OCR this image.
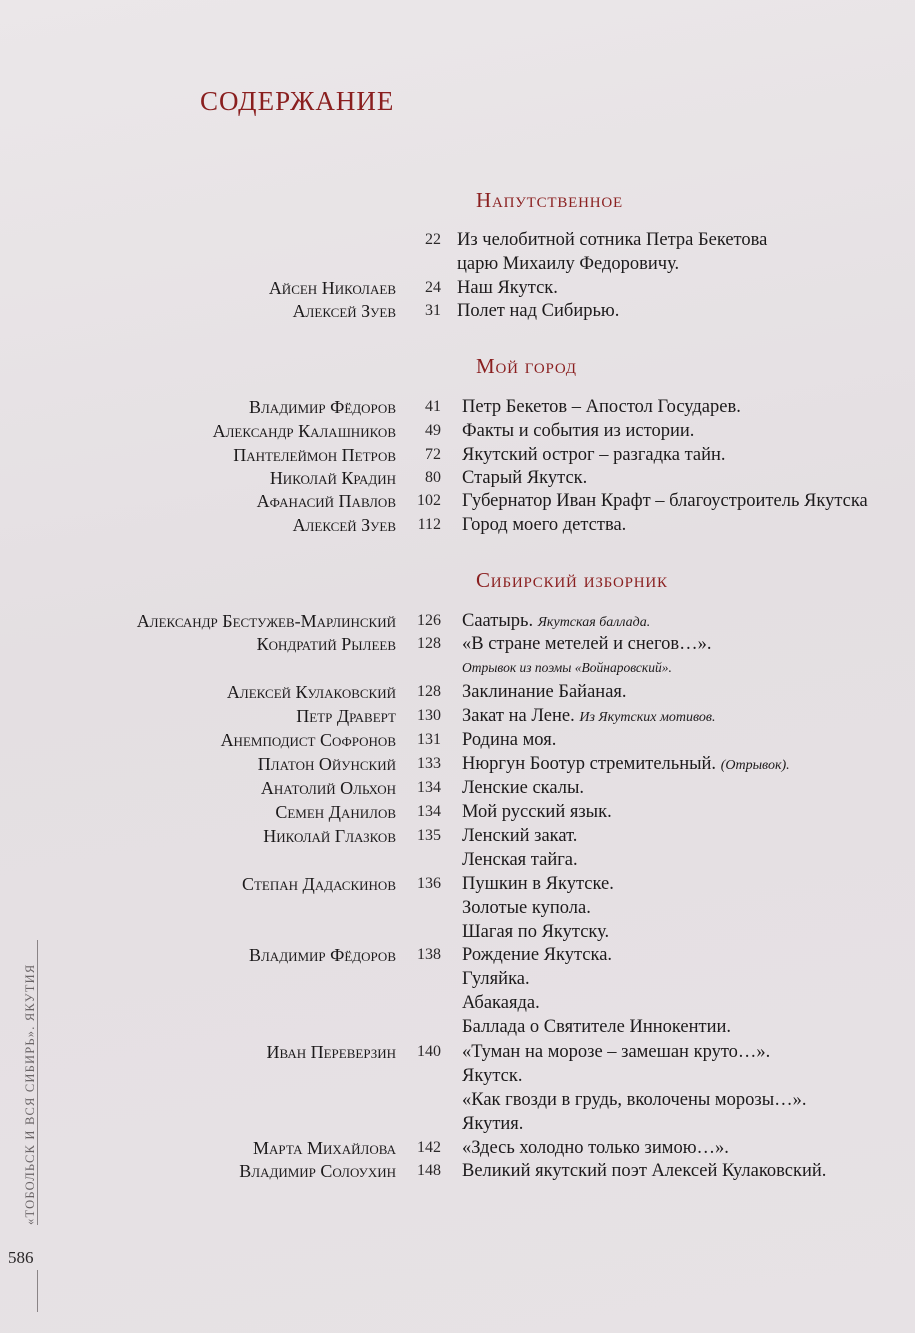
СОДЕРЖАНИЕ
Напутственное
22 Из челобитной сотника Петра Бекетова
царю Михаилу Федоровичу.
Айсен Николаев 24 Наш Якутск.
Алексей Зуев 31 Полет над Сибирью.
Мой город
Владимир Фёдоров 41 Петр Бекетов – Апостол Государев.
Александр Калашников 49 Факты и события из истории.
Пантелеймон Петров 72 Якутский острог – разгадка тайн.
Николай Крадин 80 Старый Якутск.
Афанасий Павлов 102 Губернатор Иван Крафт – благоустроитель Якутска
Алексей Зуев 112 Город моего детства.
Сибирский изборник
Александр Бестужев-Марлинский 126 Саатырь. Якутская баллада.
Кондратий Рылеев 128 «В стране метелей и снегов…».
Отрывок из поэмы «Войнаровский».
Алексей Кулаковский 128 Заклинание Байаная.
Петр Драверт 130 Закат на Лене. Из Якутских мотивов.
Анемподист Софронов 131 Родина моя.
Платон Ойунский 133 Нюргун Боотур стремительный. (Отрывок).
Анатолий Ольхон 134 Ленские скалы.
Семен Данилов 134 Мой русский язык.
Николай Глазков 135 Ленский закат.
Ленская тайга.
Степан Дадаскинов 136 Пушкин в Якутске.
Золотые купола.
Шагая по Якутску.
Владимир Фёдоров 138 Рождение Якутска.
Гуляйка.
Абакаяда.
Баллада о Святителе Иннокентии.
Иван Переверзин 140 «Туман на морозе – замешан круто…».
Якутск.
«Как гвозди в грудь, вколочены морозы…».
Якутия.
Марта Михайлова 142 «Здесь холодно только зимою…».
Владимир Солоухин 148 Великий якутский поэт Алексей Кулаковский.
«ТОБОЛЬСК И ВСЯ СИБИРЬ». ЯКУТИЯ
586
